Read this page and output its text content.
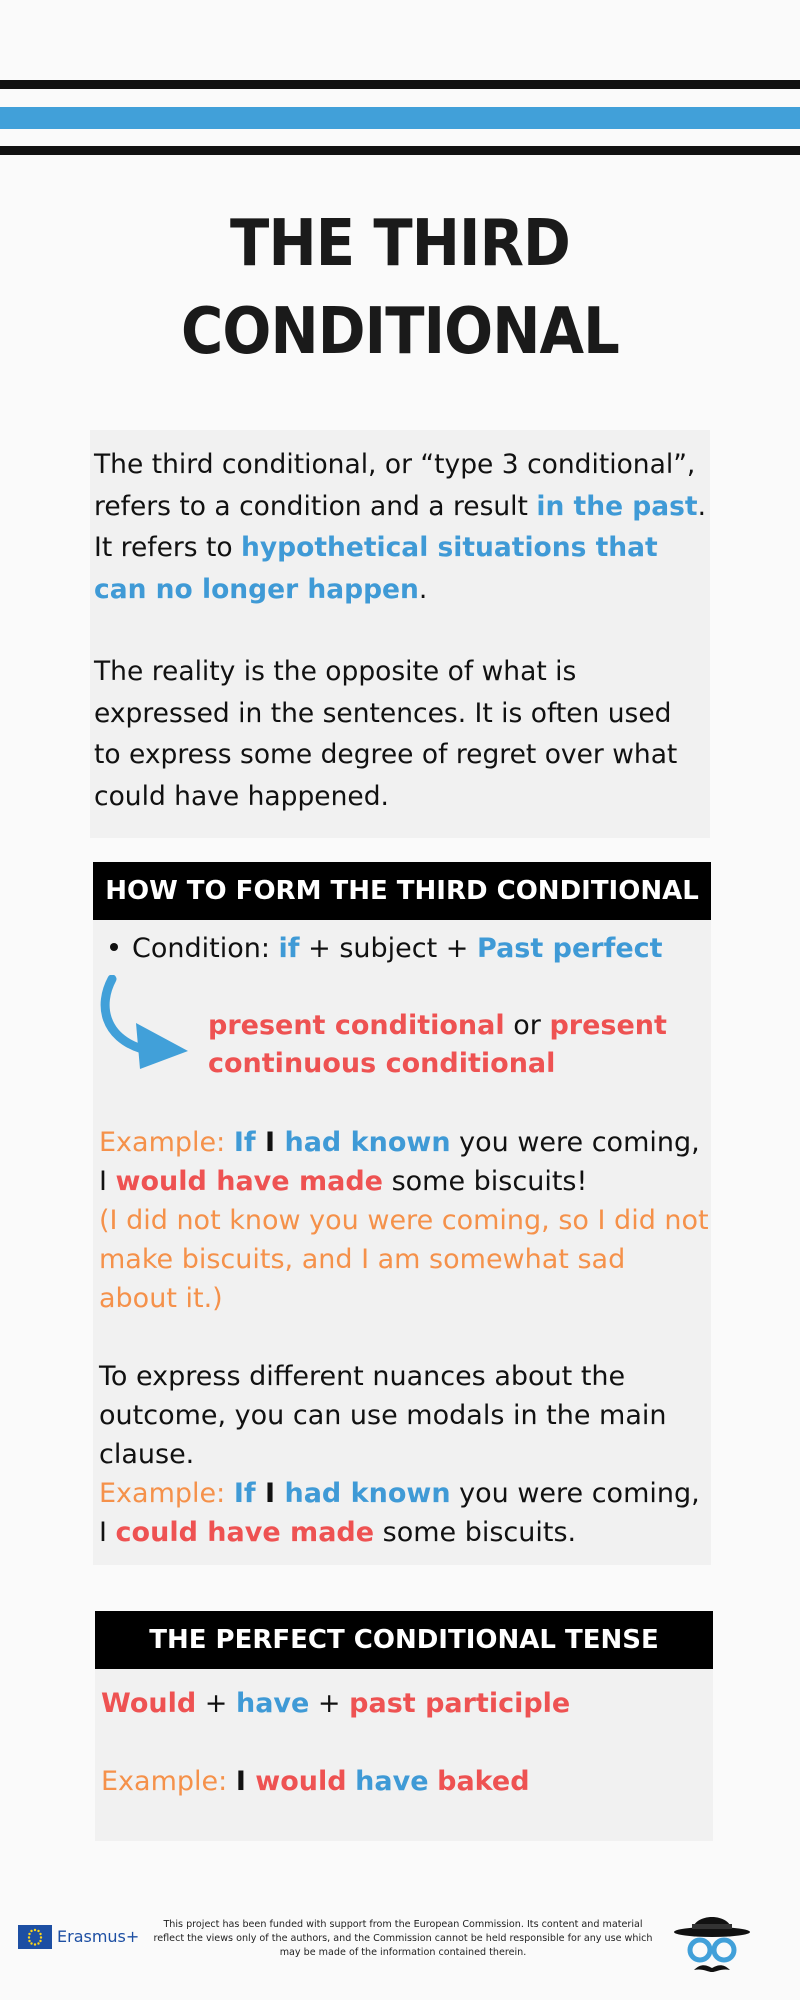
THE THIRD
CONDITIONAL

The third conditional, or “type 3 conditional”, refers to a condition and a result in the past. It refers to hypothetical situations that can no longer happen.

The reality is the opposite of what is expressed in the sentences. It is often used to express some degree of regret over what could have happened.

HOW TO FORM THE THIRD CONDITIONAL
Condition: if + subject + Past perfect
present conditional or present continuous conditional
Example: If I had known you were coming, I would have made some biscuits!
(I did not know you were coming, so I did not make biscuits, and I am somewhat sad about it.)
To express different nuances about the outcome, you can use modals in the main clause.
Example: If I had known you were coming, I could have made some biscuits.
THE PERFECT CONDITIONAL TENSE
Would + have + past participle
Example: I would have baked
Erasmus+
This project has been funded with support from the European Commission. Its content and material reflect the views only of the authors, and the Commission cannot be held responsible for any use which may be made of the information contained therein.
